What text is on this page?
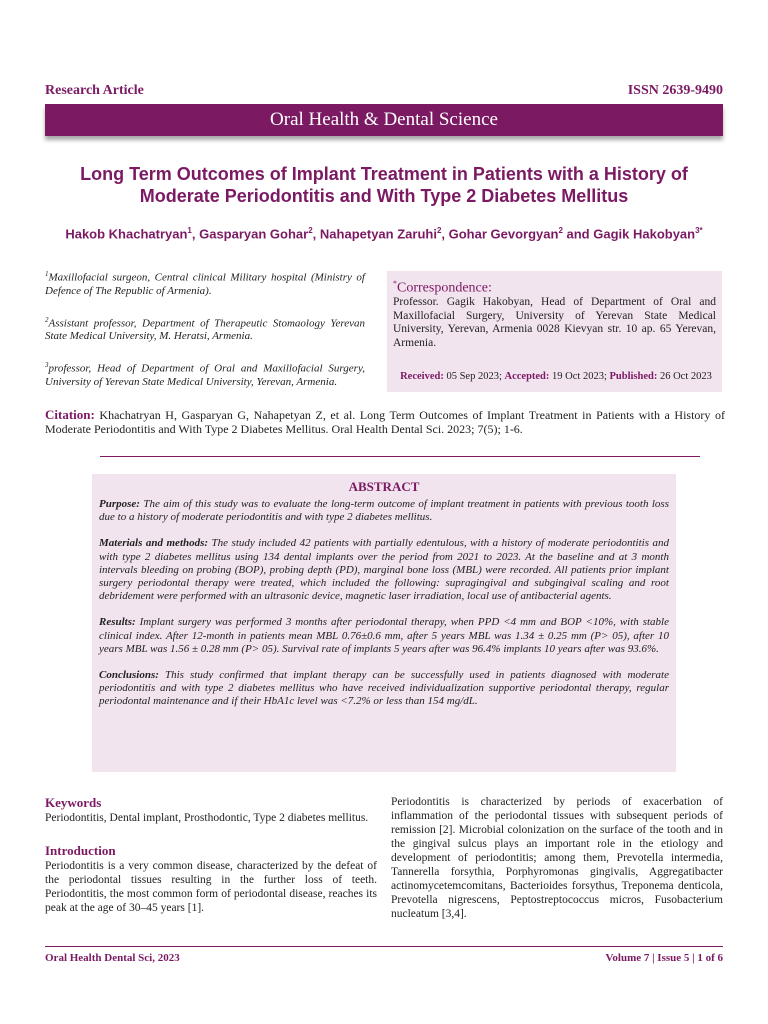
Research Article	ISSN 2639-9490
Oral Health & Dental Science
Long Term Outcomes of Implant Treatment in Patients with a History of Moderate Periodontitis and With Type 2 Diabetes Mellitus
Hakob Khachatryan$^1$, Gasparyan Gohar$^2$, Nahapetyan Zaruhi$^2$, Gohar Gevorgyan$^2$ and Gagik Hakobyan$^{3*}$

$^1$Maxillofacial surgeon, Central clinical Military hospital (Ministry of Defence of The Republic of Armenia).

$^2$Assistant professor, Department of Therapeutic Stomaology Yerevan State Medical University, M. Heratsi, Armenia.

$^3$professor, Head of Department of Oral and Maxillofacial Surgery, University of Yerevan State Medical University, Yerevan, Armenia.

*Correspondence:
Professor. Gagik Hakobyan, Head of Department of Oral and Maxillofacial Surgery, University of Yerevan State Medical University, Yerevan, Armenia 0028 Kievyan str. 10 ap. 65 Yerevan, Armenia.
Received: 05 Sep 2023; Accepted: 19 Oct 2023; Published: 26 Oct 2023
Citation: Khachatryan H, Gasparyan G, Nahapetyan Z, et al. Long Term Outcomes of Implant Treatment in Patients with a History of Moderate Periodontitis and With Type 2 Diabetes Mellitus. Oral Health Dental Sci. 2023; 7(5); 1-6.
ABSTRACT

Purpose: The aim of this study was to evaluate the long-term outcome of implant treatment in patients with previous tooth loss due to a history of moderate periodontitis and with type 2 diabetes mellitus.

Materials and methods: The study included 42 patients with partially edentulous, with a history of moderate periodontitis and with type 2 diabetes mellitus using 134 dental implants over the period from 2021 to 2023. At the baseline and at 3 month intervals bleeding on probing (BOP), probing depth (PD), marginal bone loss (MBL) were recorded. All patients prior implant surgery periodontal therapy were treated, which included the following: supragingival and subgingival scaling and root debridement were performed with an ultrasonic device, magnetic laser irradiation, local use of antibacterial agents.

Results: Implant surgery was performed 3 months after periodontal therapy, when PPD <4 mm and BOP <10%, with stable clinical index. After 12-month in patients mean MBL 0.76±0.6 mm, after 5 years MBL was 1.34 ± 0.25 mm (P> 05), after 10 years MBL was 1.56 ± 0.28 mm (P> 05). Survival rate of implants 5 years after was 96.4% implants 10 years after was 93.6%.

Conclusions: This study confirmed that implant therapy can be successfully used in patients diagnosed with moderate periodontitis and with type 2 diabetes mellitus who have received individualization supportive periodontal therapy, regular periodontal maintenance and if their HbA1c level was <7.2% or less than 154 mg/dL.

Keywords

Periodontitis, Dental implant, Prosthodontic, Type 2 diabetes mellitus.

Introduction

Periodontitis is a very common disease, characterized by the defeat of the periodontal tissues resulting in the further loss of teeth. Periodontitis, the most common form of periodontal disease, reaches its peak at the age of 30–45 years [1].

Periodontitis is characterized by periods of exacerbation of inflammation of the periodontal tissues with subsequent periods of remission [2]. Microbial colonization on the surface of the tooth and in the gingival sulcus plays an important role in the etiology and development of periodontitis; among them, Prevotella intermedia, Tannerella forsythia, Porphyromonas gingivalis, Aggregatibacter actinomycetemcomitans, Bacterioides forsythus, Treponema denticola, Prevotella nigrescens, Peptostreptococcus micros, Fusobacterium nucleatum [3,4].

Oral Health Dental Sci, 2023	Volume 7 | Issue 5 | 1 of 6
